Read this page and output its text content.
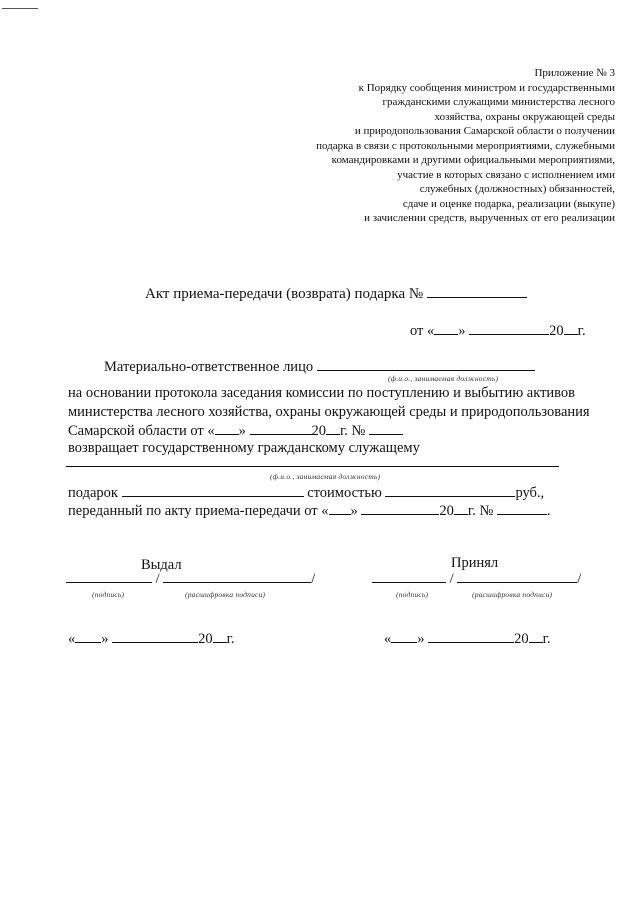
Приложение № 3
к Порядку сообщения министром и государственными
гражданскими служащими министерства лесного
хозяйства, охраны окружающей среды
и природопользования Самарской области о получении
подарка в связи с протокольными мероприятиями, служебными
командировками и другими официальными мероприятиями,
участие в которых связано с исполнением ими
служебных (должностных) обязанностей,
сдаче и оценке подарка, реализации (выкупе)
и зачислении средств, вырученных от его реализации
Акт приема-передачи (возврата) подарка №
от « »	20 г.
Материально-ответственное лицо
(ф.и.о., занимаемая должность)
на основании протокола заседания комиссии по поступлению и выбытию активов
министерства лесного хозяйства, охраны окружающей среды и природопользования
Самарской области от « »	20 г. №
возвращает государственному гражданскому служащему
(ф.и.о., занимаемая должность)
подарок	стоимостью	руб.,
переданный по акту приема-передачи от « »	20 г. №	.
Выдал
/	/
(подпись)	(расшифровка подписи)
Принял
/	/
(подпись)	(расшифровка подписи)
« »	20 г.	« »	20 г.
